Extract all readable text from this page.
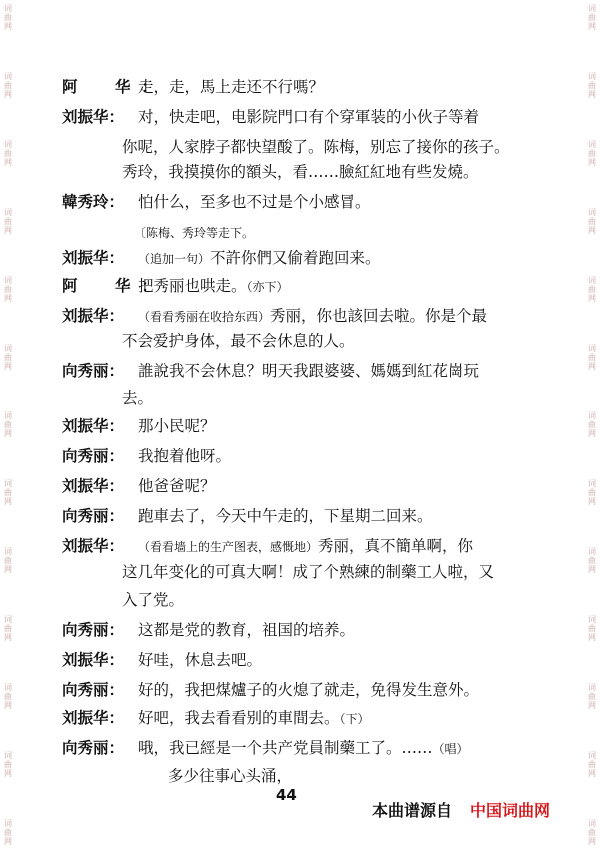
词
曲
网
词
曲
网
词
曲
网
词
曲
网
词
曲
网
词
曲
网
词
曲
网
词
曲
网
词
曲
网
词
曲
网
词
曲
网
词
曲
网
词
曲
网
词
曲
网
词
曲
网
词
曲
网
词
曲
网
词
曲
网
词
曲
网
词
曲
网
词
曲
网
词
曲
网
词
曲
网
词
曲
网
词
曲
网
词
曲
网
阿　华：走，走，馬上走还不行嗎？
刘振华： 对，快走吧，电影院門口有个穿軍装的小伙子等着
你呢，人家脖子都快望酸了。陈梅，别忘了接你的孩子。
秀玲，我摸摸你的額头，看……臉紅紅地有些发燒。
韓秀玲： 怕什么，至多也不过是个小感冒。
〔陈梅、秀玲等走下。
刘振华： （追加一句）不許你們又偷着跑回来。
阿　华：把秀丽也哄走。（亦下）
刘振华： （看看秀丽在收拾东西）秀丽，你也該回去啦。你是个最
不会爱护身体，最不会休息的人。
向秀丽： 誰說我不会休息？明天我跟婆婆、媽媽到紅花崗玩
去。
刘振华： 那小民呢？
向秀丽： 我抱着他呀。
刘振华： 他爸爸呢？
向秀丽： 跑車去了，今天中午走的，下星期二回来。
刘振华： （看看墙上的生产图表，感慨地）秀丽，真不簡单啊，你
这几年变化的可真大啊！成了个熟練的制藥工人啦，又
入了党。
向秀丽： 这都是党的教育，祖国的培养。
刘振华： 好哇，休息去吧。
向秀丽： 好的，我把煤爐子的火熄了就走，免得发生意外。
刘振华： 好吧，我去看看别的車間去。（下）
向秀丽： 哦，我已經是一个共产党員制藥工了。……（唱）
多少往事心头涌，
44
本曲谱源自 中国词曲网
